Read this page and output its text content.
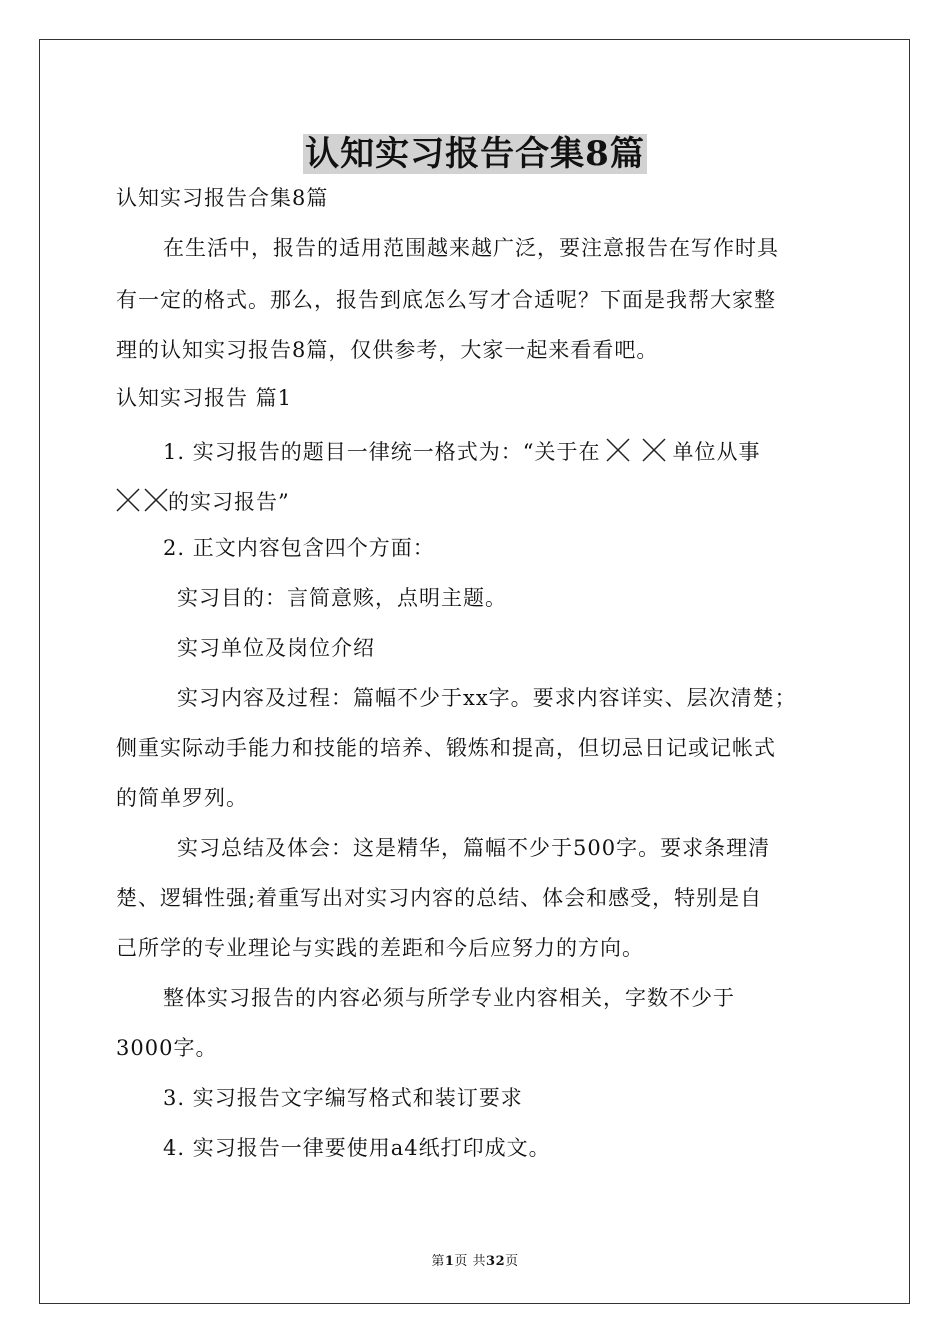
认知实习报告合集8篇
认知实习报告合集8篇
在生活中，报告的适用范围越来越广泛，要注意报告在写作时具
有一定的格式。那么，报告到底怎么写才合适呢？下面是我帮大家整
理的认知实习报告8篇，仅供参考，大家一起来看看吧。
认知实习报告 篇1
1. 实习报告的题目一律统一格式为：“关于在	单位从事
的实习报告”
2. 正文内容包含四个方面：
实习目的：言简意赅，点明主题。
实习单位及岗位介绍
实习内容及过程：篇幅不少于xx字。要求内容详实、层次清楚；
侧重实际动手能力和技能的培养、锻炼和提高，但切忌日记或记帐式
的简单罗列。
实习总结及体会：这是精华，篇幅不少于500字。要求条理清
楚、逻辑性强;着重写出对实习内容的总结、体会和感受，特别是自
己所学的专业理论与实践的差距和今后应努力的方向。
整体实习报告的内容必须与所学专业内容相关，字数不少于
3000字。
3. 实习报告文字编写格式和装订要求
4. 实习报告一律要使用a4纸打印成文。
第1页 共32页
